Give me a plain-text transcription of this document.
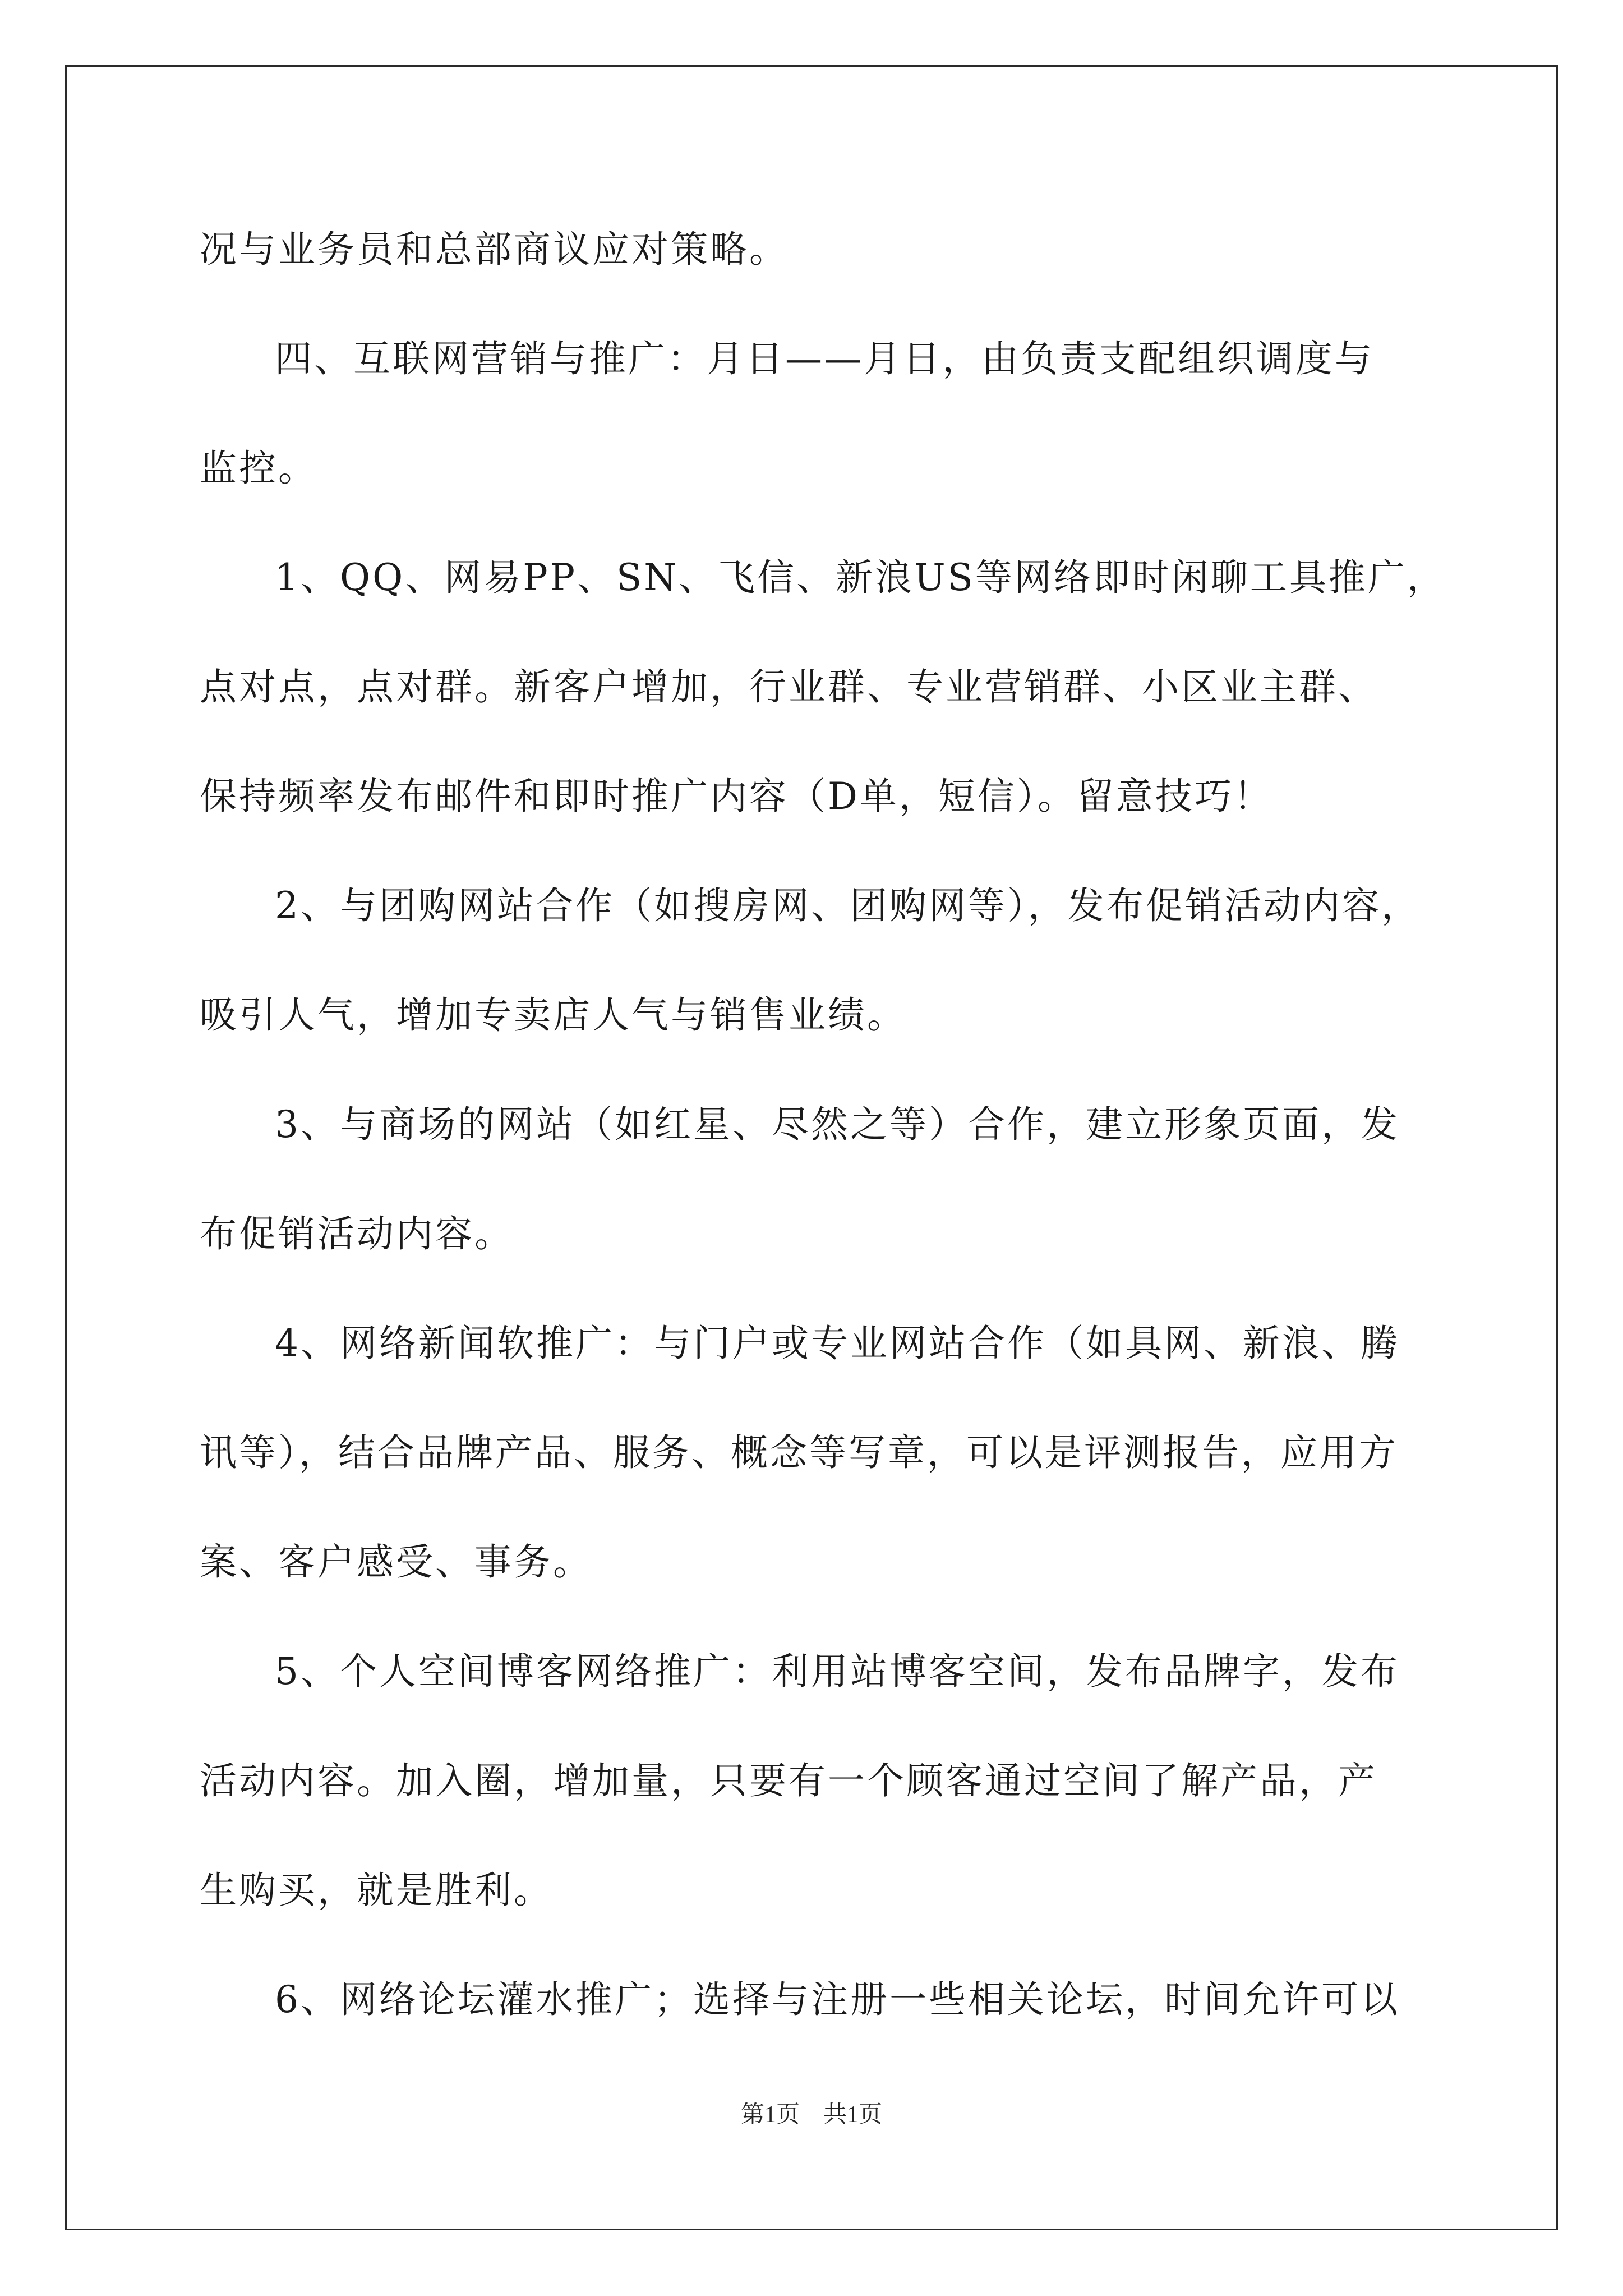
况与业务员和总部商议应对策略。

四、互联网营销与推广：月日——月日，由负责支配组织调度与

监控。

1、QQ、网易PP、SN、飞信、新浪US等网络即时闲聊工具推广，

点对点，点对群。新客户增加，行业群、专业营销群、小区业主群、

保持频率发布邮件和即时推广内容（D单，短信）。留意技巧！

2、与团购网站合作（如搜房网、团购网等），发布促销活动内容，

吸引人气，增加专卖店人气与销售业绩。

3、与商场的网站（如红星、尽然之等）合作，建立形象页面，发

布促销活动内容。

4、网络新闻软推广：与门户或专业网站合作（如具网、新浪、腾

讯等），结合品牌产品、服务、概念等写章，可以是评测报告，应用方

案、客户感受、事务。

5、个人空间博客网络推广：利用站博客空间，发布品牌字，发布

活动内容。加入圈，增加量，只要有一个顾客通过空间了解产品，产

生购买，就是胜利。

6、网络论坛灌水推广；选择与注册一些相关论坛，时间允许可以

第1页　共1页
